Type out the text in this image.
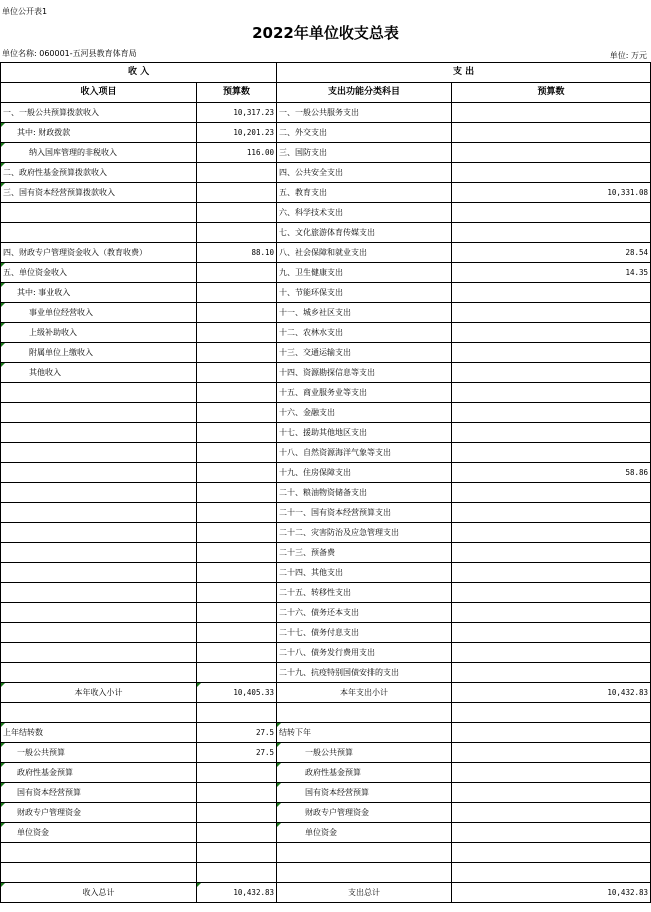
单位公开表1
2022年单位收支总表
单位名称: 060001-五河县教育体育局	单位: 万元
收 入		支 出	
收入项目	预算数	支出功能分类科目	预算数
一、一般公共预算拨款收入	10,317.23	一、一般公共服务支出	
其中: 财政拨款	10,201.23	二、外交支出	
纳入国库管理的非税收入	116.00	三、国防支出	
二、政府性基金预算拨款收入		四、公共安全支出	
三、国有资本经营预算拨款收入		五、教育支出	10,331.08
		六、科学技术支出	
		七、文化旅游体育传媒支出	
四、财政专户管理资金收入（教育收费）	88.10	八、社会保障和就业支出	28.54
五、单位资金收入		九、卫生健康支出	14.35
其中: 事业收入		十、节能环保支出	
事业单位经营收入		十一、城乡社区支出	
上级补助收入		十二、农林水支出	
附属单位上缴收入		十三、交通运输支出	
其他收入		十四、资源勘探信息等支出	
		十五、商业服务业等支出	
		十六、金融支出	
		十七、援助其他地区支出	
		十八、自然资源海洋气象等支出	
		十九、住房保障支出	58.86
		二十、粮油物资储备支出	
		二十一、国有资本经营预算支出	
		二十二、灾害防治及应急管理支出	
		二十三、预备费	
		二十四、其他支出	
		二十五、转移性支出	
		二十六、债务还本支出	
		二十七、债务付息支出	
		二十八、债务发行费用支出	
		二十九、抗疫特别国债安排的支出	
本年收入小计	10,405.33	本年支出小计	10,432.83

上年结转数	27.5	结转下年	
一般公共预算	27.5	一般公共预算	
政府性基金预算		政府性基金预算	
国有资本经营预算		国有资本经营预算	
财政专户管理资金		财政专户管理资金	
单位资金		单位资金	

收入总计	10,432.83	支出总计	10,432.83
